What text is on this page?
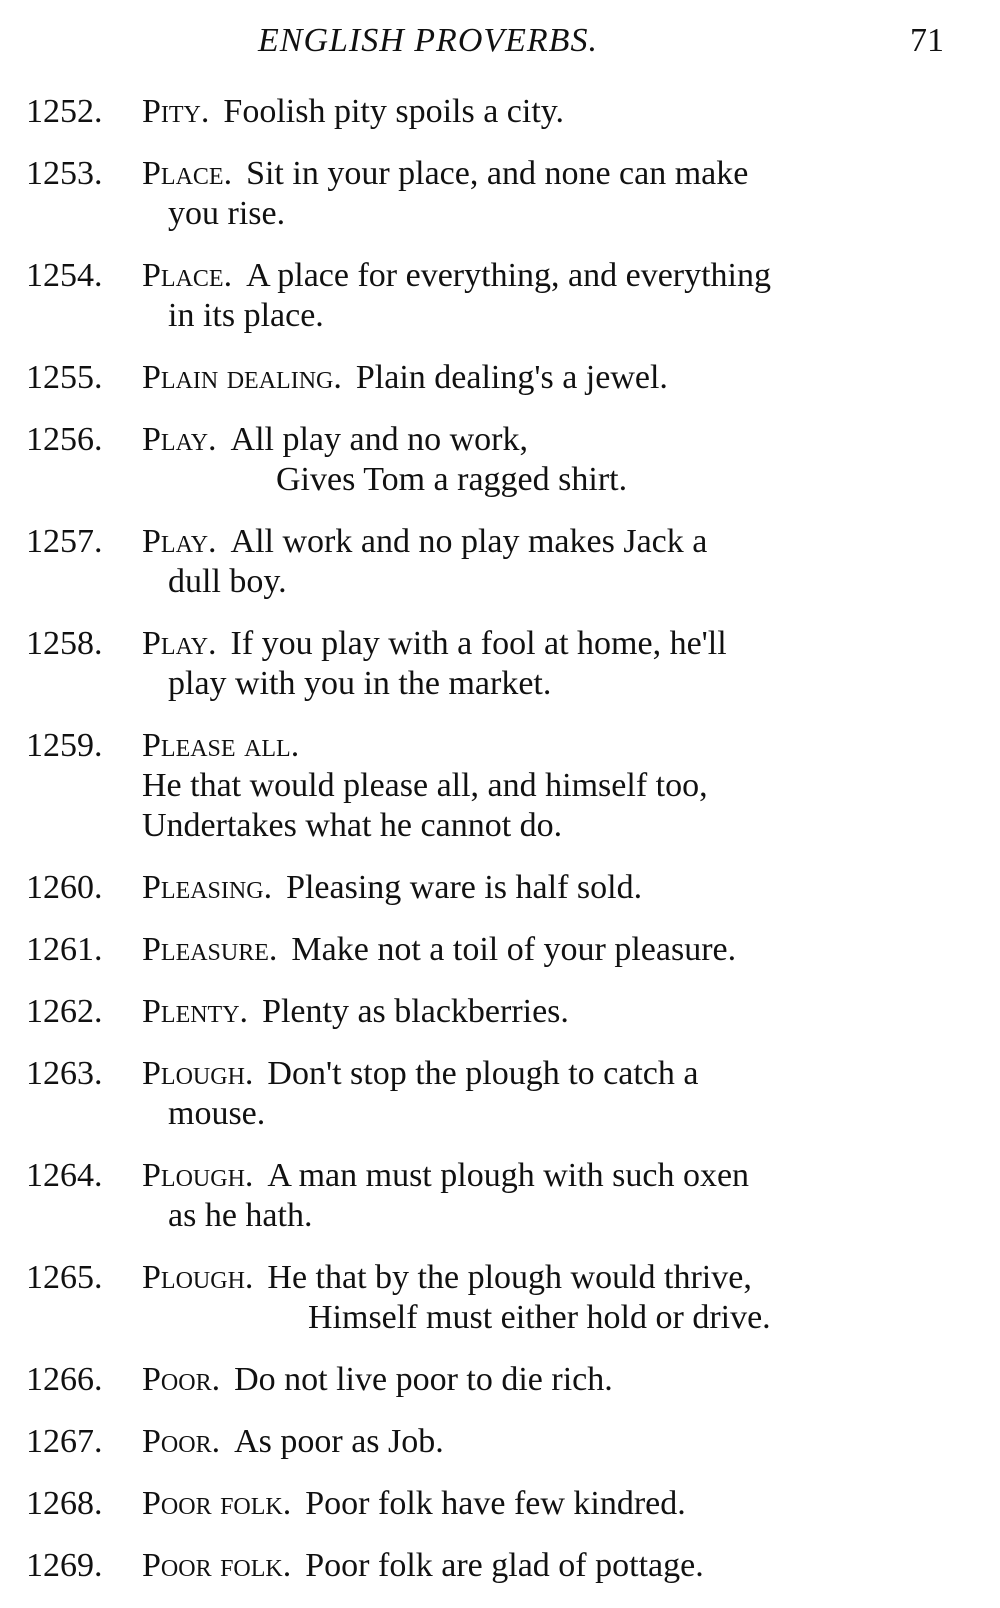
ENGLISH PROVERBS.	71
1252. Pity. Foolish pity spoils a city.
1253. Place. Sit in your place, and none can make
you rise.
1254. Place. A place for everything, and everything
in its place.
1255. Plain dealing. Plain dealing's a jewel.
1256. Play. All play and no work,
Gives Tom a ragged shirt.
1257. Play. All work and no play makes Jack a
dull boy.
1258. Play. If you play with a fool at home, he'll
play with you in the market.
1259. Please all.
He that would please all, and himself too,
Undertakes what he cannot do.
1260. Pleasing. Pleasing ware is half sold.
1261. Pleasure. Make not a toil of your pleasure.
1262. Plenty. Plenty as blackberries.
1263. Plough. Don't stop the plough to catch a
mouse.
1264. Plough. A man must plough with such oxen
as he hath.
1265. Plough. He that by the plough would thrive,
Himself must either hold or drive.
1266. Poor. Do not live poor to die rich.
1267. Poor. As poor as Job.
1268. Poor folk. Poor folk have few kindred.
1269. Poor folk. Poor folk are glad of pottage.
